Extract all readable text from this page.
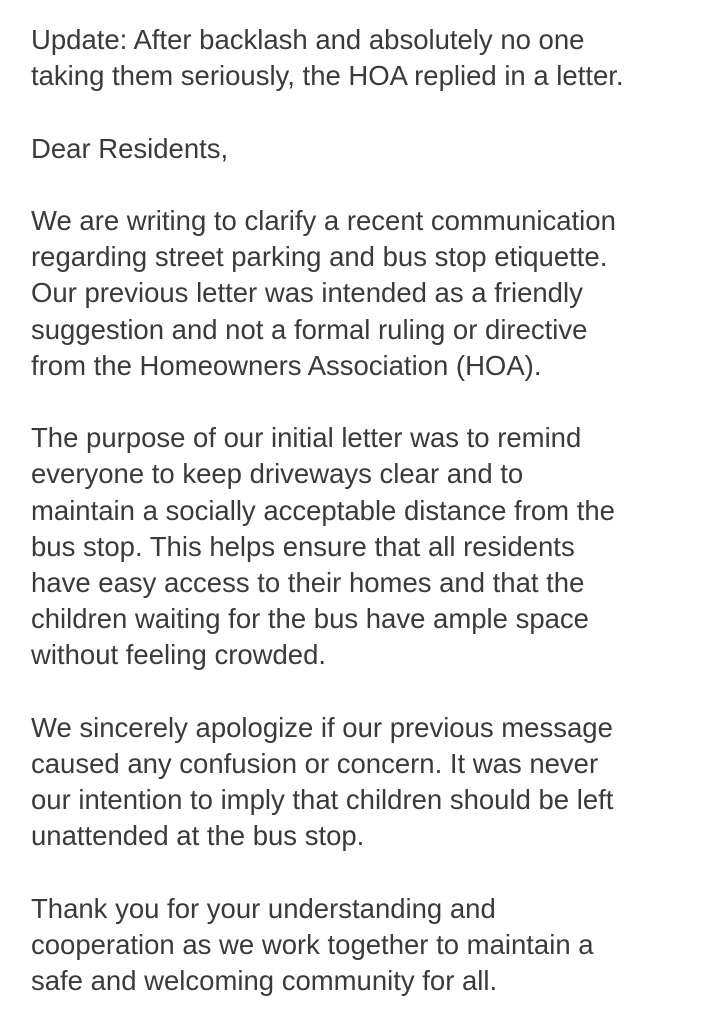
Update: After backlash and absolutely no one
taking them seriously, the HOA replied in a letter.

Dear Residents,

We are writing to clarify a recent communication
regarding street parking and bus stop etiquette.
Our previous letter was intended as a friendly
suggestion and not a formal ruling or directive
from the Homeowners Association (HOA).

The purpose of our initial letter was to remind
everyone to keep driveways clear and to
maintain a socially acceptable distance from the
bus stop. This helps ensure that all residents
have easy access to their homes and that the
children waiting for the bus have ample space
without feeling crowded.

We sincerely apologize if our previous message
caused any confusion or concern. It was never
our intention to imply that children should be left
unattended at the bus stop.

Thank you for your understanding and
cooperation as we work together to maintain a
safe and welcoming community for all.
